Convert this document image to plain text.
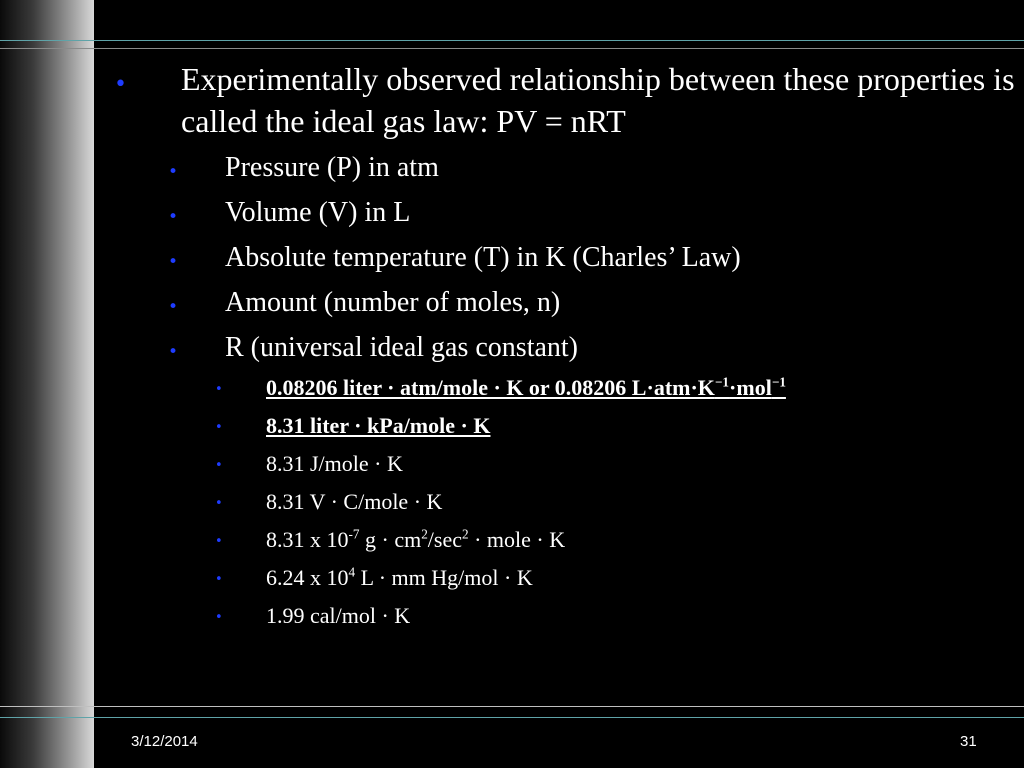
• Experimentally observed relationship between these properties is called the ideal gas law: PV = nRT
• Pressure (P) in atm
• Volume (V) in L
• Absolute temperature (T) in K (Charles’ Law)
• Amount (number of moles, n)
• R (universal ideal gas constant)
• 0.08206 liter · atm/mole · K or 0.08206 $L\cdot atm\cdot K^{-1}\cdot mol^{-1}$
• 8.31 liter · kPa/mole · K
• 8.31 J/mole · K
• 8.31 V · C/mole · K
• 8.31 x $10^{-7}$ $g \cdot cm^2/\sec^2$ · mole · K
• 6.24 x $10^4$ L · mm Hg/mol · K
• 1.99 cal/mol · K
3/12/2014	31
